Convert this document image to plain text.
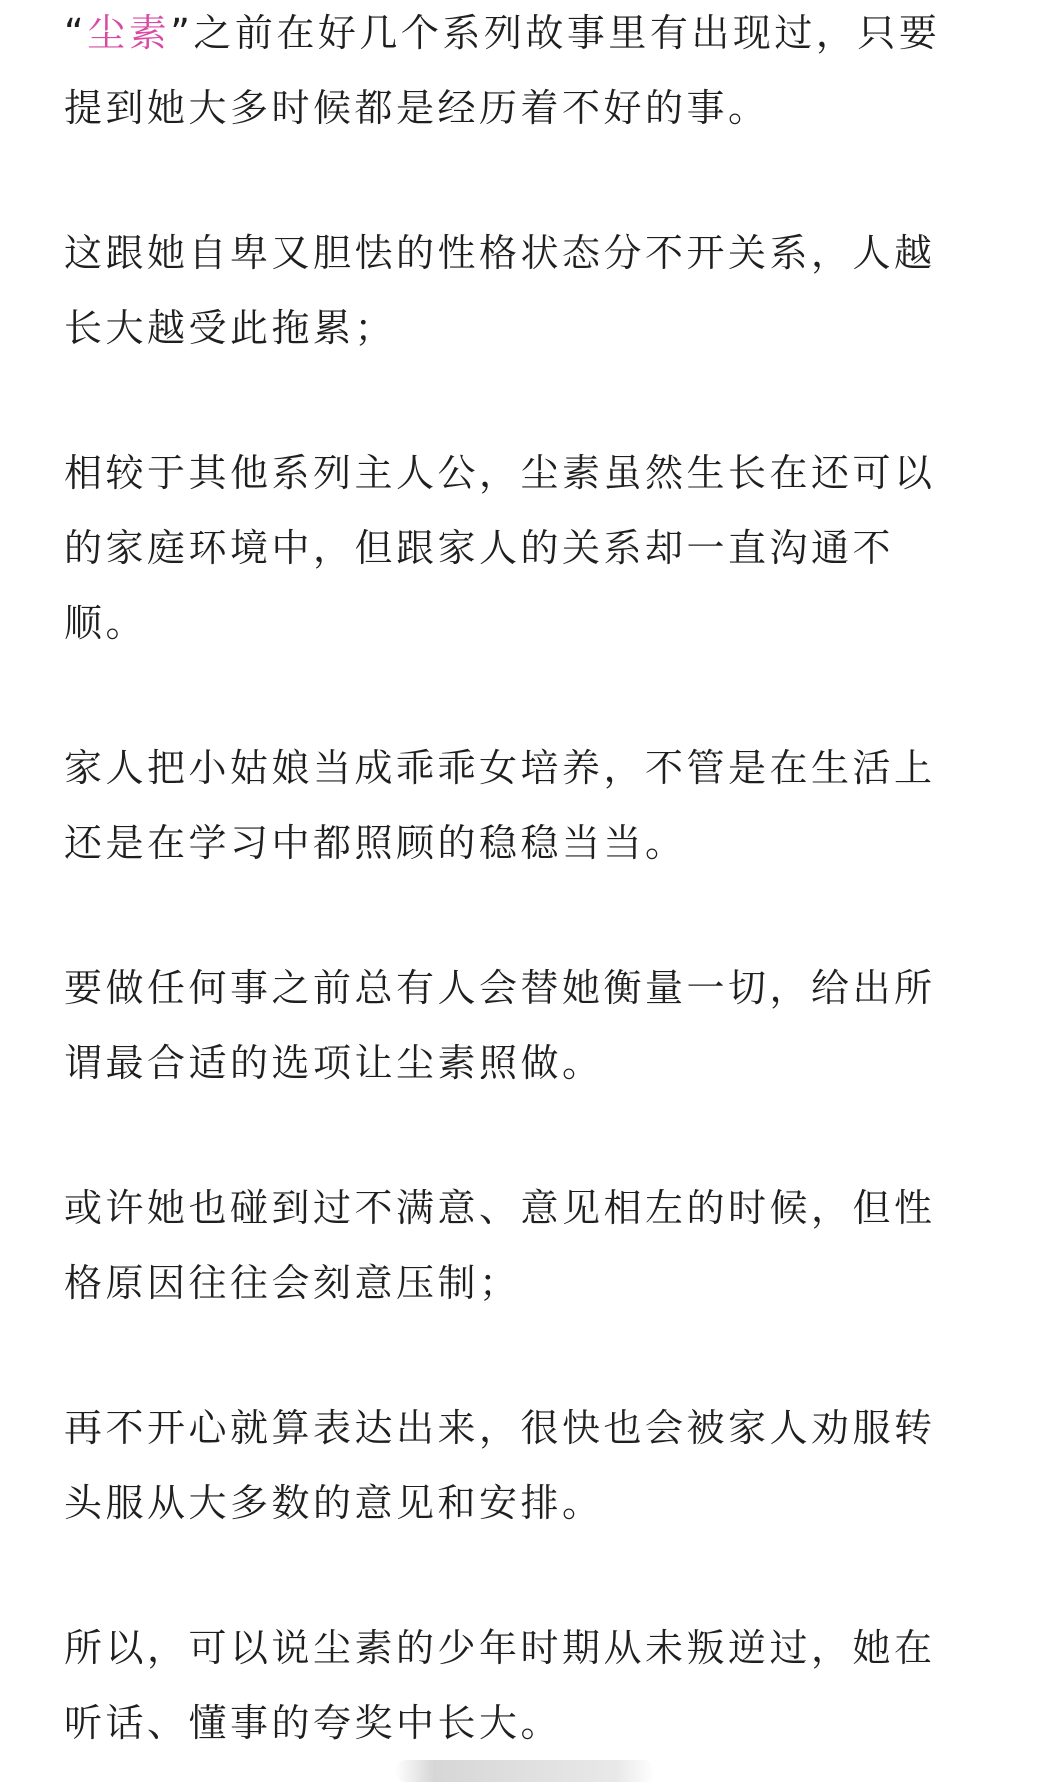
“尘素”之前在好几个系列故事里有出现过，只要提到她大多时候都是经历着不好的事。

这跟她自卑又胆怯的性格状态分不开关系，人越长大越受此拖累；

相较于其他系列主人公，尘素虽然生长在还可以的家庭环境中，但跟家人的关系却一直沟通不顺。

家人把小姑娘当成乖乖女培养，不管是在生活上还是在学习中都照顾的稳稳当当。

要做任何事之前总有人会替她衡量一切，给出所谓最合适的选项让尘素照做。

或许她也碰到过不满意、意见相左的时候，但性格原因往往会刻意压制；

再不开心就算表达出来，很快也会被家人劝服转头服从大多数的意见和安排。

所以，可以说尘素的少年时期从未叛逆过，她在听话、懂事的夸奖中长大。
